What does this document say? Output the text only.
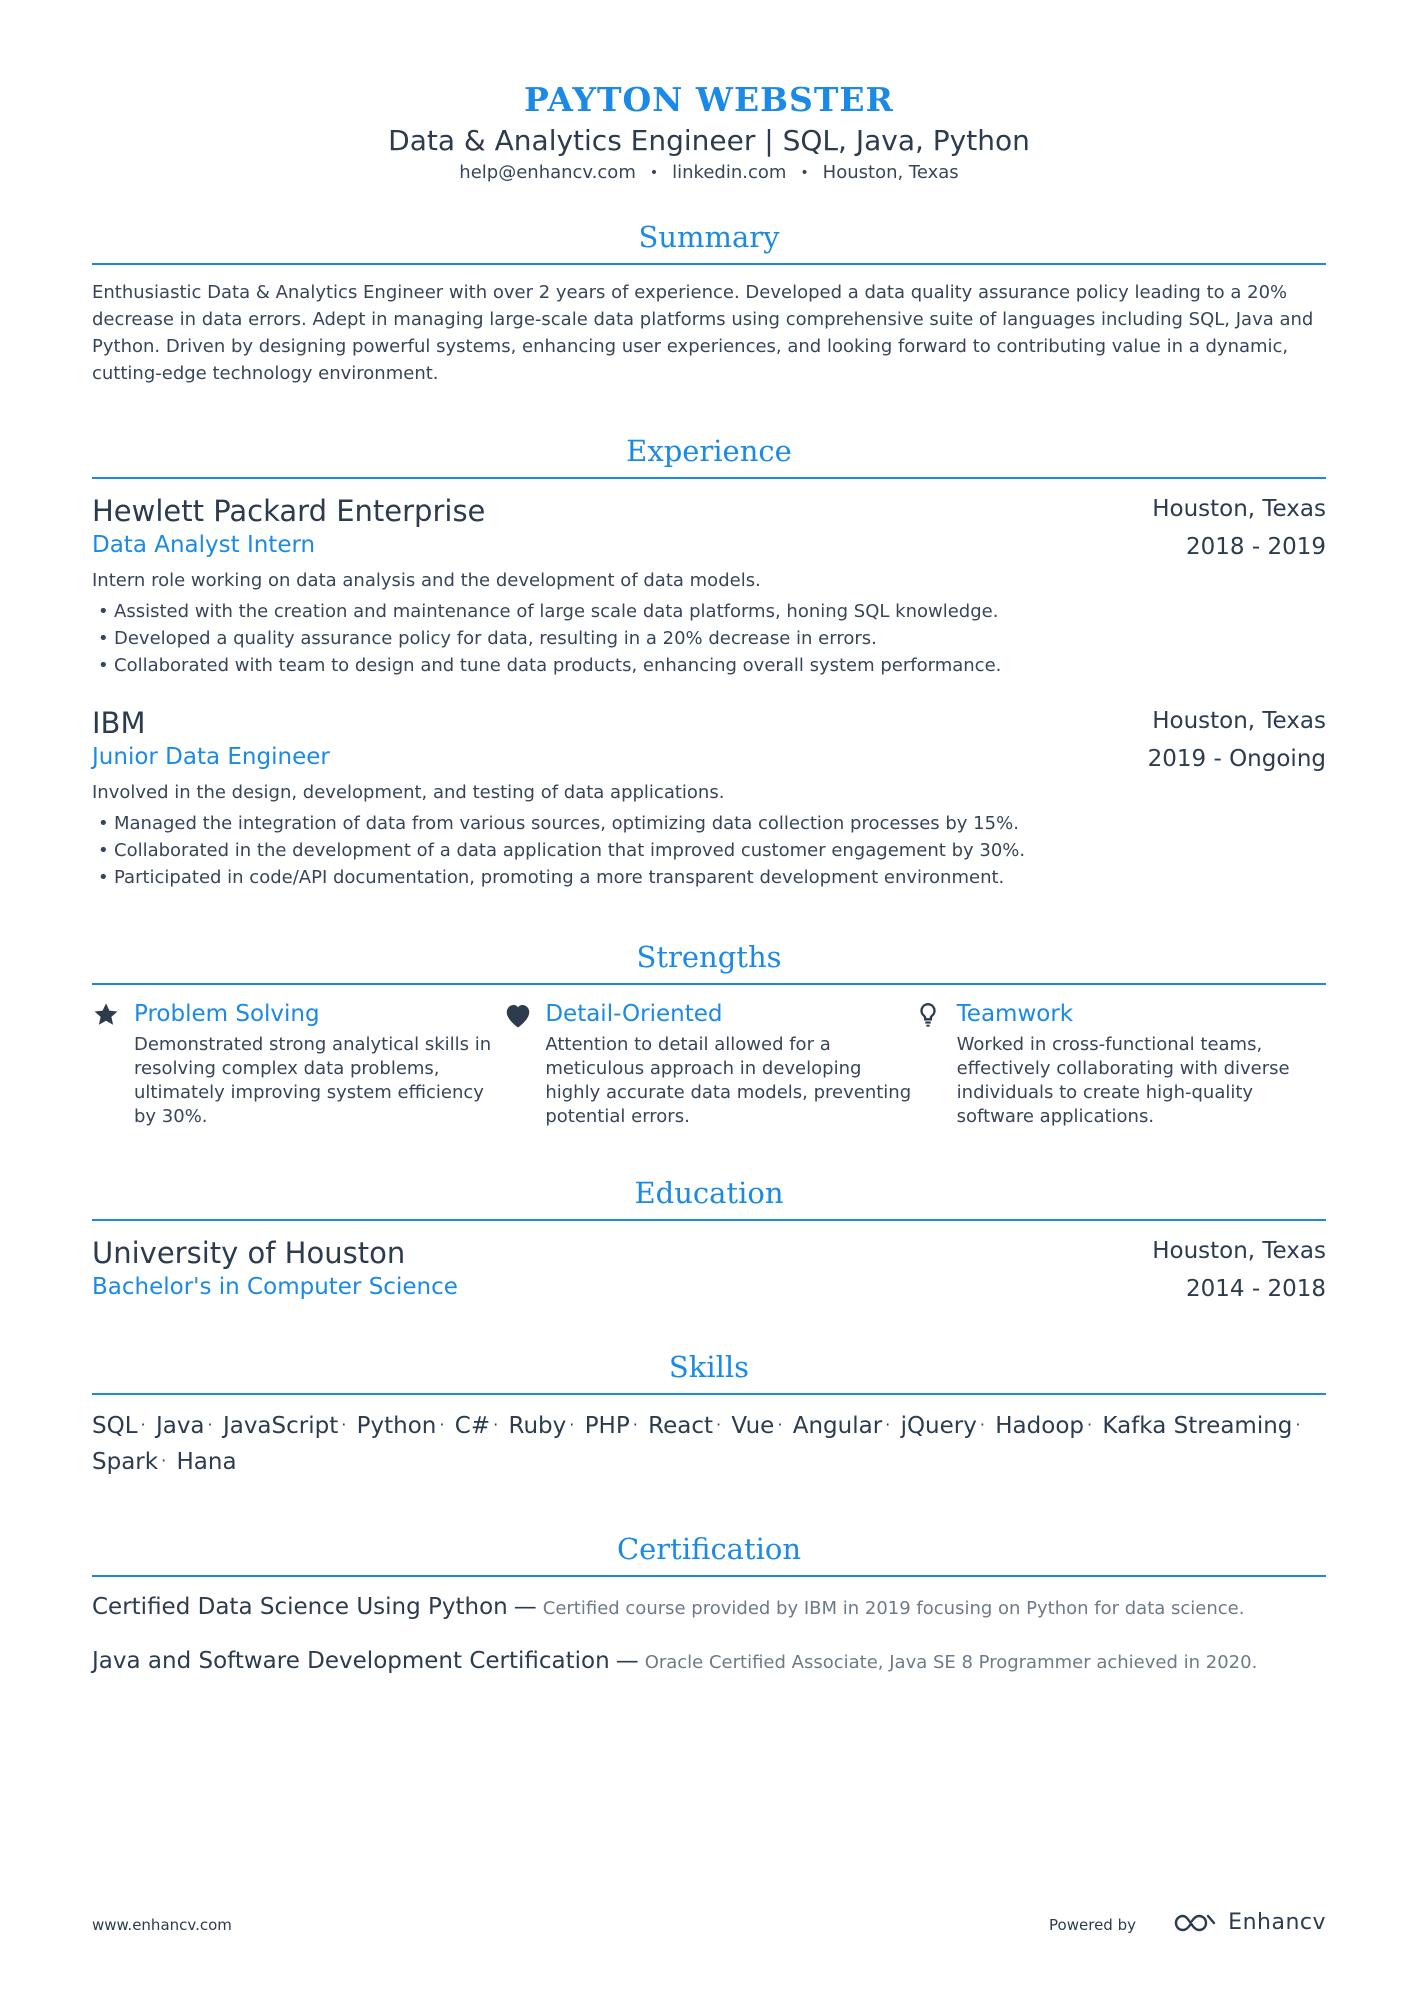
PAYTON WEBSTER
Data & Analytics Engineer | SQL, Java, Python
help@enhancv.com • linkedin.com • Houston, Texas
Summary
Enthusiastic Data & Analytics Engineer with over 2 years of experience. Developed a data quality assurance policy leading to a 20% decrease in data errors. Adept in managing large-scale data platforms using comprehensive suite of languages including SQL, Java and Python. Driven by designing powerful systems, enhancing user experiences, and looking forward to contributing value in a dynamic, cutting-edge technology environment.
Experience
Hewlett Packard Enterprise
Data Analyst Intern
Houston, Texas
2018 - 2019
Intern role working on data analysis and the development of data models.
• Assisted with the creation and maintenance of large scale data platforms, honing SQL knowledge.
• Developed a quality assurance policy for data, resulting in a 20% decrease in errors.
• Collaborated with team to design and tune data products, enhancing overall system performance.
IBM
Junior Data Engineer
Houston, Texas
2019 - Ongoing
Involved in the design, development, and testing of data applications.
• Managed the integration of data from various sources, optimizing data collection processes by 15%.
• Collaborated in the development of a data application that improved customer engagement by 30%.
• Participated in code/API documentation, promoting a more transparent development environment.
Strengths
Problem Solving
Demonstrated strong analytical skills in resolving complex data problems, ultimately improving system efficiency by 30%.
Detail-Oriented
Attention to detail allowed for a meticulous approach in developing highly accurate data models, preventing potential errors.
Teamwork
Worked in cross-functional teams, effectively collaborating with diverse individuals to create high-quality software applications.
Education
University of Houston
Bachelor's in Computer Science
Houston, Texas
2014 - 2018
Skills
SQL · Java · JavaScript · Python · C# · Ruby · PHP · React · Vue · Angular · jQuery · Hadoop · Kafka Streaming · Spark · Hana
Certification
Certified Data Science Using Python — Certified course provided by IBM in 2019 focusing on Python for data science.
Java and Software Development Certification — Oracle Certified Associate, Java SE 8 Programmer achieved in 2020.
www.enhancv.com	Powered by	Enhancv
